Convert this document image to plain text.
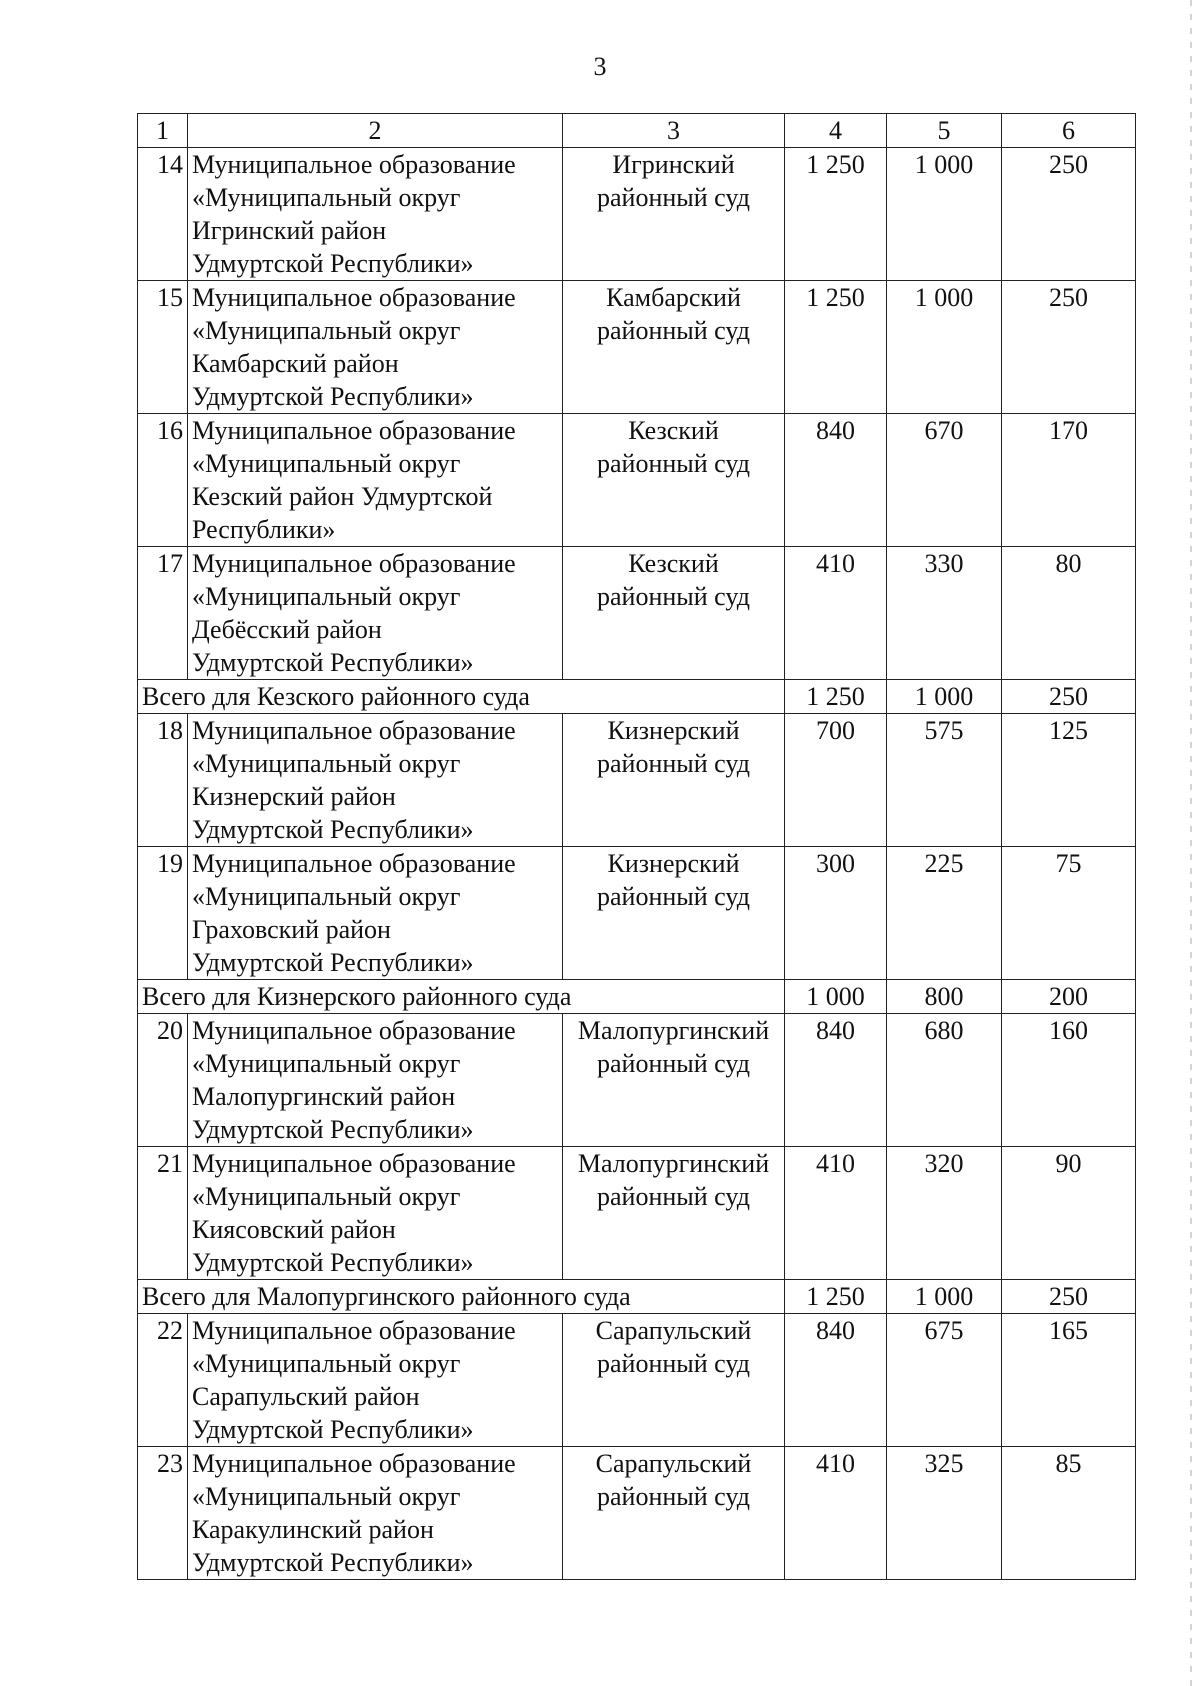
3
1	2	3	4	5	6
14	Муниципальное образование
«Муниципальный округ
Игринский район
Удмуртской Республики»	Игринский
районный суд	1 250	1 000	250
15	Муниципальное образование
«Муниципальный округ
Камбарский район
Удмуртской Республики»	Камбарский
районный суд	1 250	1 000	250
16	Муниципальное образование
«Муниципальный округ
Кезский район Удмуртской
Республики»	Кезский
районный суд	840	670	170
17	Муниципальное образование
«Муниципальный округ
Дебёсский район
Удмуртской Республики»	Кезский
районный суд	410	330	80
Всего для Кезского районного суда			1 250	1 000	250
18	Муниципальное образование
«Муниципальный округ
Кизнерский район
Удмуртской Республики»	Кизнерский
районный суд	700	575	125
19	Муниципальное образование
«Муниципальный округ
Граховский район
Удмуртской Республики»	Кизнерский
районный суд	300	225	75
Всего для Кизнерского районного суда			1 000	800	200
20	Муниципальное образование
«Муниципальный округ
Малопургинский район
Удмуртской Республики»	Малопургинский
районный суд	840	680	160
21	Муниципальное образование
«Муниципальный округ
Киясовский район
Удмуртской Республики»	Малопургинский
районный суд	410	320	90
Всего для Малопургинского районного суда			1 250	1 000	250
22	Муниципальное образование
«Муниципальный округ
Сарапульский район
Удмуртской Республики»	Сарапульский
районный суд	840	675	165
23	Муниципальное образование
«Муниципальный округ
Каракулинский район
Удмуртской Республики»	Сарапульский
районный суд	410	325	85
